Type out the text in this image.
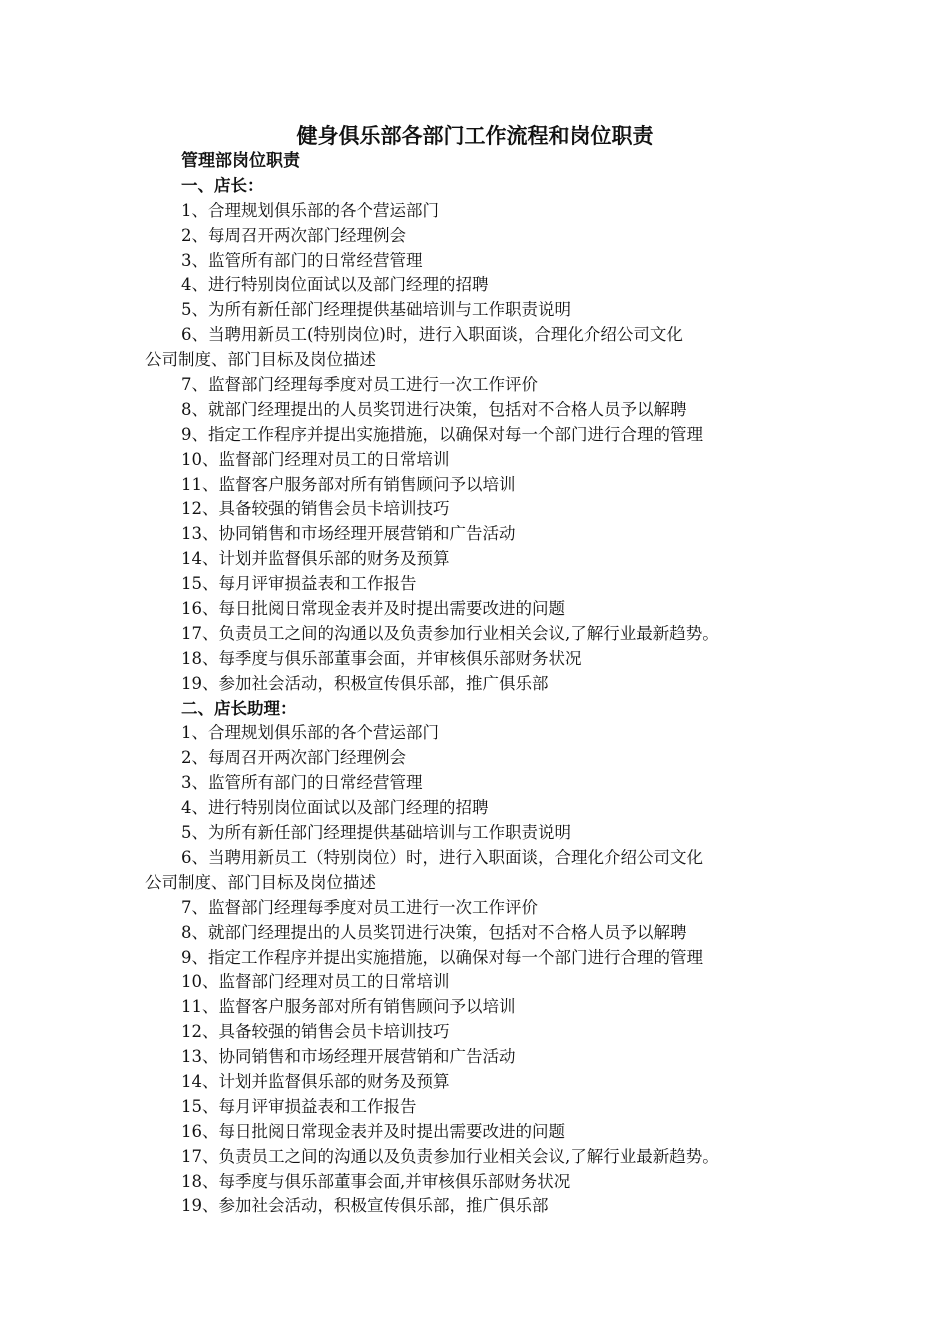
健身俱乐部各部门工作流程和岗位职责
管理部岗位职责
一、店长：
1、合理规划俱乐部的各个营运部门
2、每周召开两次部门经理例会
3、监管所有部门的日常经营管理
4、进行特别岗位面试以及部门经理的招聘
5、为所有新任部门经理提供基础培训与工作职责说明
6、当聘用新员工(特别岗位)时，进行入职面谈，合理化介绍公司文化
公司制度、部门目标及岗位描述
7、监督部门经理每季度对员工进行一次工作评价
8、就部门经理提出的人员奖罚进行决策，包括对不合格人员予以解聘
9、指定工作程序并提出实施措施，以确保对每一个部门进行合理的管理
10、监督部门经理对员工的日常培训
11、监督客户服务部对所有销售顾问予以培训
12、具备较强的销售会员卡培训技巧
13、协同销售和市场经理开展营销和广告活动
14、计划并监督俱乐部的财务及预算
15、每月评审损益表和工作报告
16、每日批阅日常现金表并及时提出需要改进的问题
17、负责员工之间的沟通以及负责参加行业相关会议,了解行业最新趋势。
18、每季度与俱乐部董事会面，并审核俱乐部财务状况
19、参加社会活动，积极宣传俱乐部，推广俱乐部
二、店长助理：
1、合理规划俱乐部的各个营运部门
2、每周召开两次部门经理例会
3、监管所有部门的日常经营管理
4、进行特别岗位面试以及部门经理的招聘
5、为所有新任部门经理提供基础培训与工作职责说明
6、当聘用新员工（特别岗位）时，进行入职面谈，合理化介绍公司文化
公司制度、部门目标及岗位描述
7、监督部门经理每季度对员工进行一次工作评价
8、就部门经理提出的人员奖罚进行决策，包括对不合格人员予以解聘
9、指定工作程序并提出实施措施，以确保对每一个部门进行合理的管理
10、监督部门经理对员工的日常培训
11、监督客户服务部对所有销售顾问予以培训
12、具备较强的销售会员卡培训技巧
13、协同销售和市场经理开展营销和广告活动
14、计划并监督俱乐部的财务及预算
15、每月评审损益表和工作报告
16、每日批阅日常现金表并及时提出需要改进的问题
17、负责员工之间的沟通以及负责参加行业相关会议,了解行业最新趋势。
18、每季度与俱乐部董事会面,并审核俱乐部财务状况
19、参加社会活动，积极宣传俱乐部，推广俱乐部
